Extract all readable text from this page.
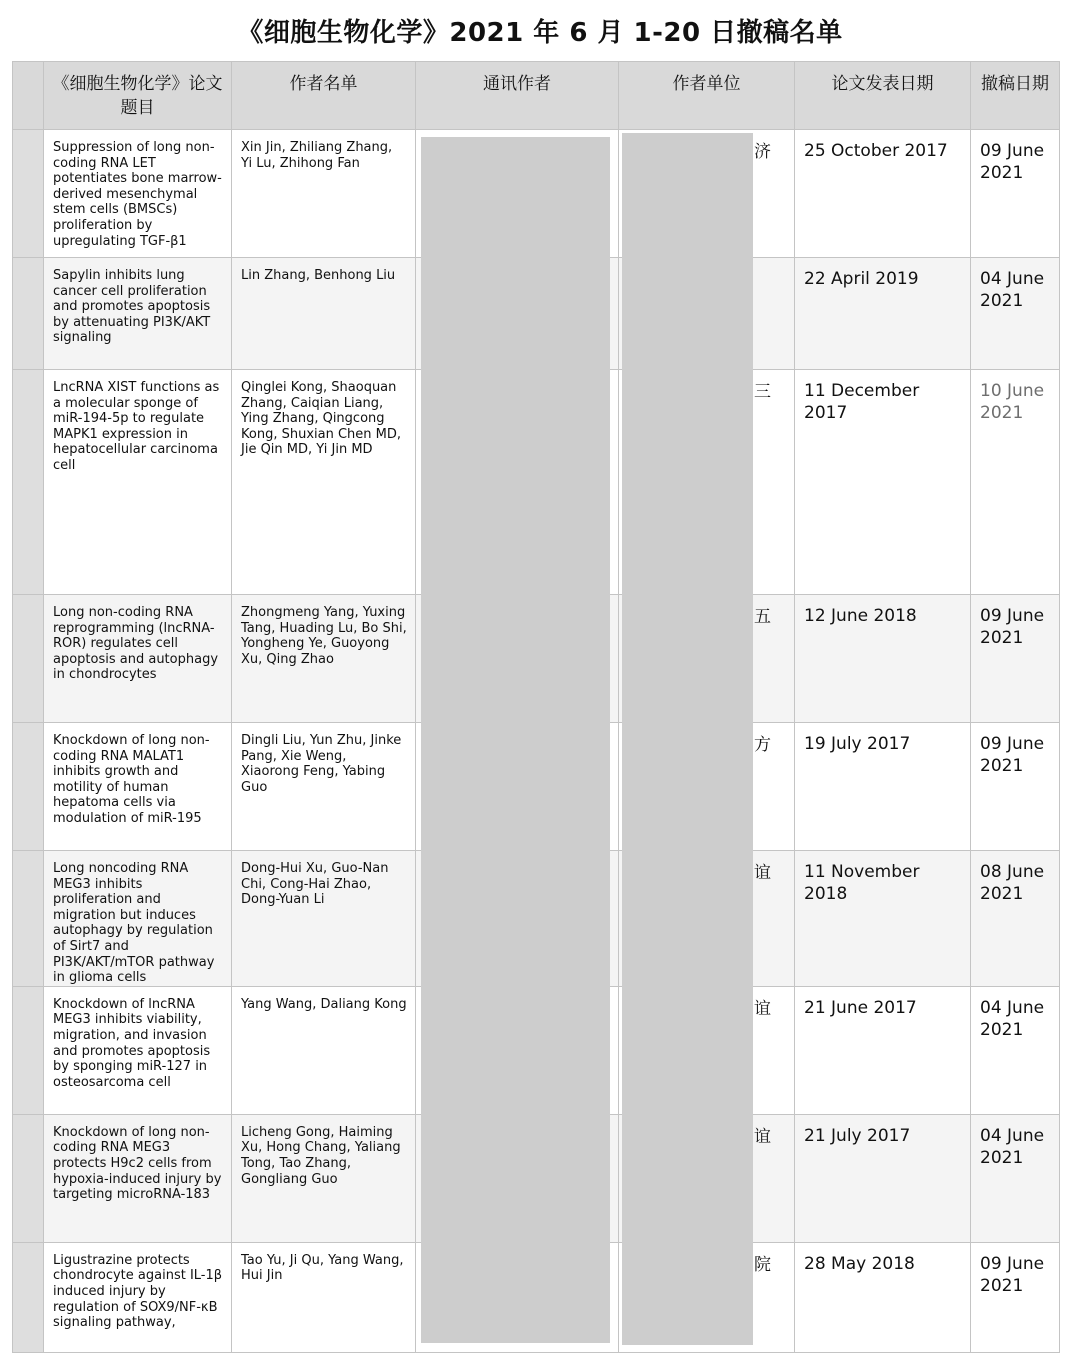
《细胞生物化学》2021 年 6 月 1-20 日撤稿名单
	《细胞生物化学》论文题目	作者名单	通讯作者	作者单位	论文发表日期	撤稿日期
	Suppression of long non-coding RNA LET potentiates bone marrow-derived mesenchymal stem cells (BMSCs) proliferation by upregulating TGF-β1	Xin Jin, Zhiliang Zhang, Yi Lu, Zhihong Fan		济	25 October 2017	09 June 2021
	Sapylin inhibits lung cancer cell proliferation and promotes apoptosis by attenuating PI3K/AKT signaling	Lin Zhang, Benhong Liu			22 April 2019	04 June 2021
	LncRNA XIST functions as a molecular sponge of miR-194-5p to regulate MAPK1 expression in hepatocellular carcinoma cell	Qinglei Kong, Shaoquan Zhang, Caiqian Liang, Ying Zhang, Qingcong Kong, Shuxian Chen MD, Jie Qin MD, Yi Jin MD		三	11 December 2017	10 June 2021
	Long non-coding RNA reprogramming (lncRNA-ROR) regulates cell apoptosis and autophagy in chondrocytes	Zhongmeng Yang, Yuxing Tang, Huading Lu, Bo Shi, Yongheng Ye, Guoyong Xu, Qing Zhao		五	12 June 2018	09 June 2021
	Knockdown of long non-coding RNA MALAT1 inhibits growth and motility of human hepatoma cells via modulation of miR-195	Dingli Liu, Yun Zhu, Jinke Pang, Xie Weng, Xiaorong Feng, Yabing Guo		方	19 July 2017	09 June 2021
	Long noncoding RNA MEG3 inhibits proliferation and migration but induces autophagy by regulation of Sirt7 and PI3K/AKT/mTOR pathway in glioma cells	Dong-Hui Xu, Guo-Nan Chi, Cong-Hai Zhao, Dong-Yuan Li		谊	11 November 2018	08 June 2021
	Knockdown of lncRNA MEG3 inhibits viability, migration, and invasion and promotes apoptosis by sponging miR-127 in osteosarcoma cell	Yang Wang, Daliang Kong		谊	21 June 2017	04 June 2021
	Knockdown of long non-coding RNA MEG3 protects H9c2 cells from hypoxia-induced injury by targeting microRNA-183	Licheng Gong, Haiming Xu, Hong Chang, Yaliang Tong, Tao Zhang, Gongliang Guo		谊	21 July 2017	04 June 2021
	Ligustrazine protects chondrocyte against IL-1β induced injury by regulation of SOX9/NF-κB signaling pathway,	Tao Yu, Ji Qu, Yang Wang, Hui Jin		院	28 May 2018	09 June 2021
